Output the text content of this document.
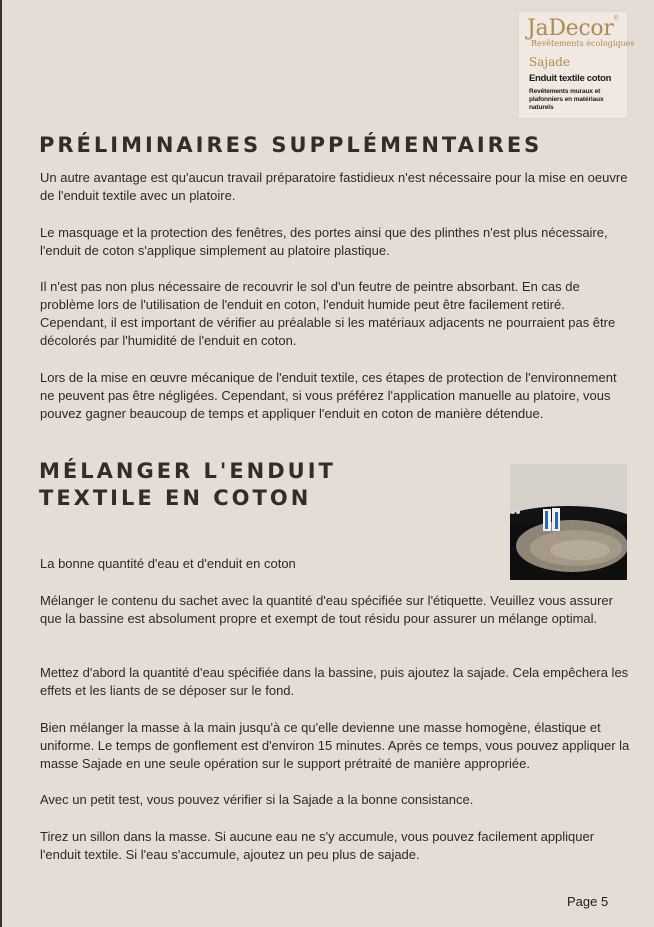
JaDecor ©
Revêtements écologiques
Sajade
Enduit textile coton
Revêtements muraux et plafonniers en matériaux naturels
PRÉLIMINAIRES SUPPLÉMENTAIRES

Un autre avantage est qu'aucun travail préparatoire fastidieux n'est nécessaire pour la mise en oeuvre de l'enduit textile avec un platoire.

Le masquage et la protection des fenêtres, des portes ainsi que des plinthes n'est plus nécessaire, l'enduit de coton s'applique simplement au platoire plastique.

Il n'est pas non plus nécessaire de recouvrir le sol d'un feutre de peintre absorbant. En cas de problème lors de l'utilisation de l'enduit en coton, l'enduit humide peut être facilement retiré. Cependant, il est important de vérifier au préalable si les matériaux adjacents ne pourraient pas être décolorés par l'humidité de l'enduit en coton.

Lors de la mise en œuvre mécanique de l'enduit textile, ces étapes de protection de l'environnement ne peuvent pas être négligées. Cependant, si vous préférez l'application manuelle au platoire, vous pouvez gagner beaucoup de temps et appliquer l'enduit en coton de manière détendue.

MÉLANGER L'ENDUIT
TEXTILE EN COTON

La bonne quantité d'eau et d'enduit en coton

Mélanger le contenu du sachet avec la quantité d'eau spécifiée sur l'étiquette. Veuillez vous assurer que la bassine est absolument propre et exempt de tout résidu pour assurer un mélange optimal.

Mettez d'abord la quantité d'eau spécifiée dans la bassine, puis ajoutez la sajade. Cela empêchera les effets et les liants de se déposer sur le fond.

Bien mélanger la masse à la main jusqu'à ce qu'elle devienne une masse homogène, élastique et uniforme. Le temps de gonflement est d'environ 15 minutes. Après ce temps, vous pouvez appliquer la masse Sajade en une seule opération sur le support prétraité de manière appropriée.

Avec un petit test, vous pouvez vérifier si la Sajade a la bonne consistance.

Tirez un sillon dans la masse. Si aucune eau ne s'y accumule, vous pouvez facilement appliquer l'enduit textile. Si l'eau s'accumule, ajoutez un peu plus de sajade.

Page 5
